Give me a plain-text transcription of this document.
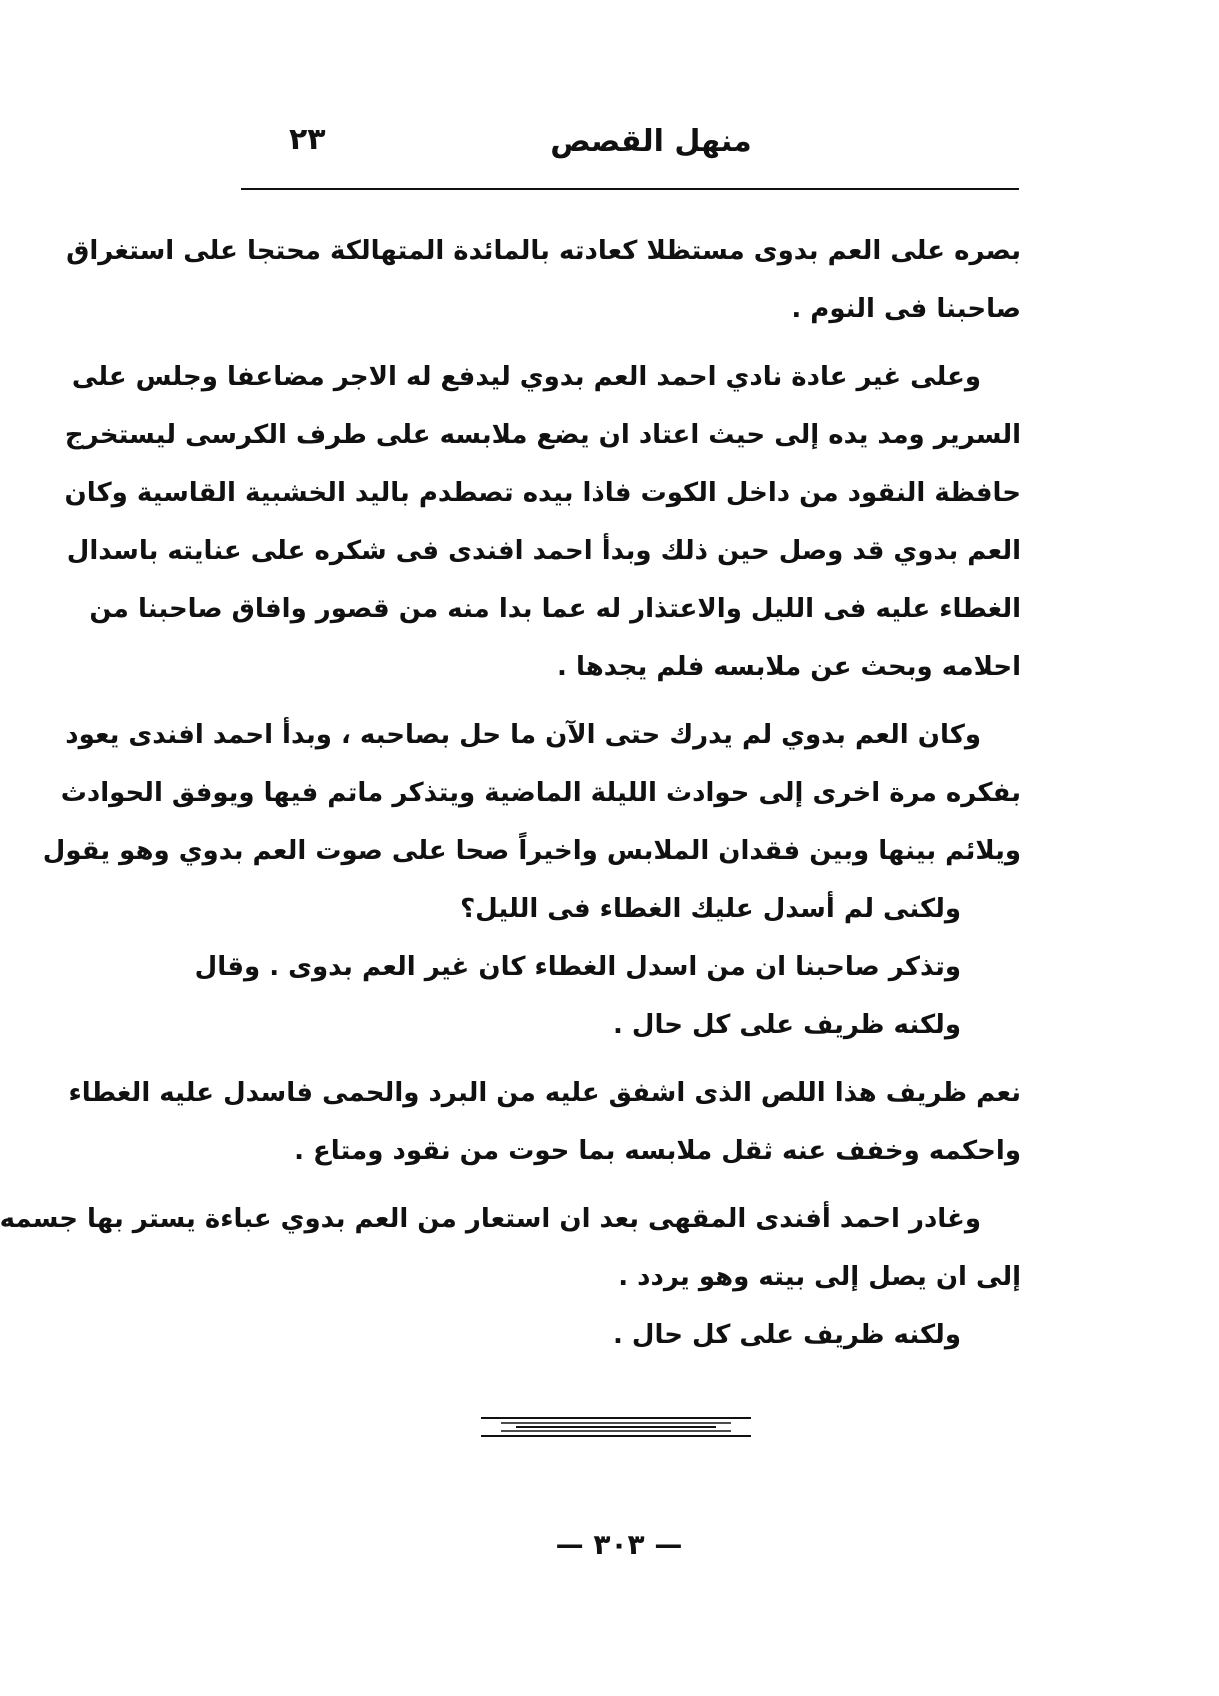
منهل القصص
٢٣
بصره على العم بدوى مستظلا كعادته بالمائدة المتهالكة محتجا على استغراق
صاحبنا فى النوم .
وعلى غير عادة نادي احمد العم بدوي ليدفع له الاجر مضاعفا وجلس على
السرير ومد يده إلى حيث اعتاد ان يضع ملابسه على طرف الكرسى ليستخرج
حافظة النقود من داخل الكوت فاذا بيده تصطدم باليد الخشبية القاسية وكان
العم بدوي قد وصل حين ذلك وبدأ احمد افندى فى شكره على عنايته باسدال
الغطاء عليه فى الليل والاعتذار له عما بدا منه من قصور وافاق صاحبنا من
احلامه وبحث عن ملابسه فلم يجدها .
وكان العم بدوي لم يدرك حتى الآن ما حل بصاحبه ، وبدأ احمد افندى يعود
بفكره مرة اخرى إلى حوادث الليلة الماضية ويتذكر ماتم فيها ويوفق الحوادث
ويلائم بينها وبين فقدان الملابس واخيراً صحا على صوت العم بدوي وهو يقول
ولكنى لم أسدل عليك الغطاء فى الليل؟
وتذكر صاحبنا ان من اسدل الغطاء كان غير العم بدوى . وقال
ولكنه ظريف على كل حال .
نعم ظريف هذا اللص الذى اشفق عليه من البرد والحمى فاسدل عليه الغطاء
واحكمه وخفف عنه ثقل ملابسه بما حوت من نقود ومتاع .
وغادر احمد أفندى المقهى بعد ان استعار من العم بدوي عباءة يستر بها جسمه
إلى ان يصل إلى بيته وهو يردد .
ولكنه ظريف على كل حال .
— ٣٠٣ —
